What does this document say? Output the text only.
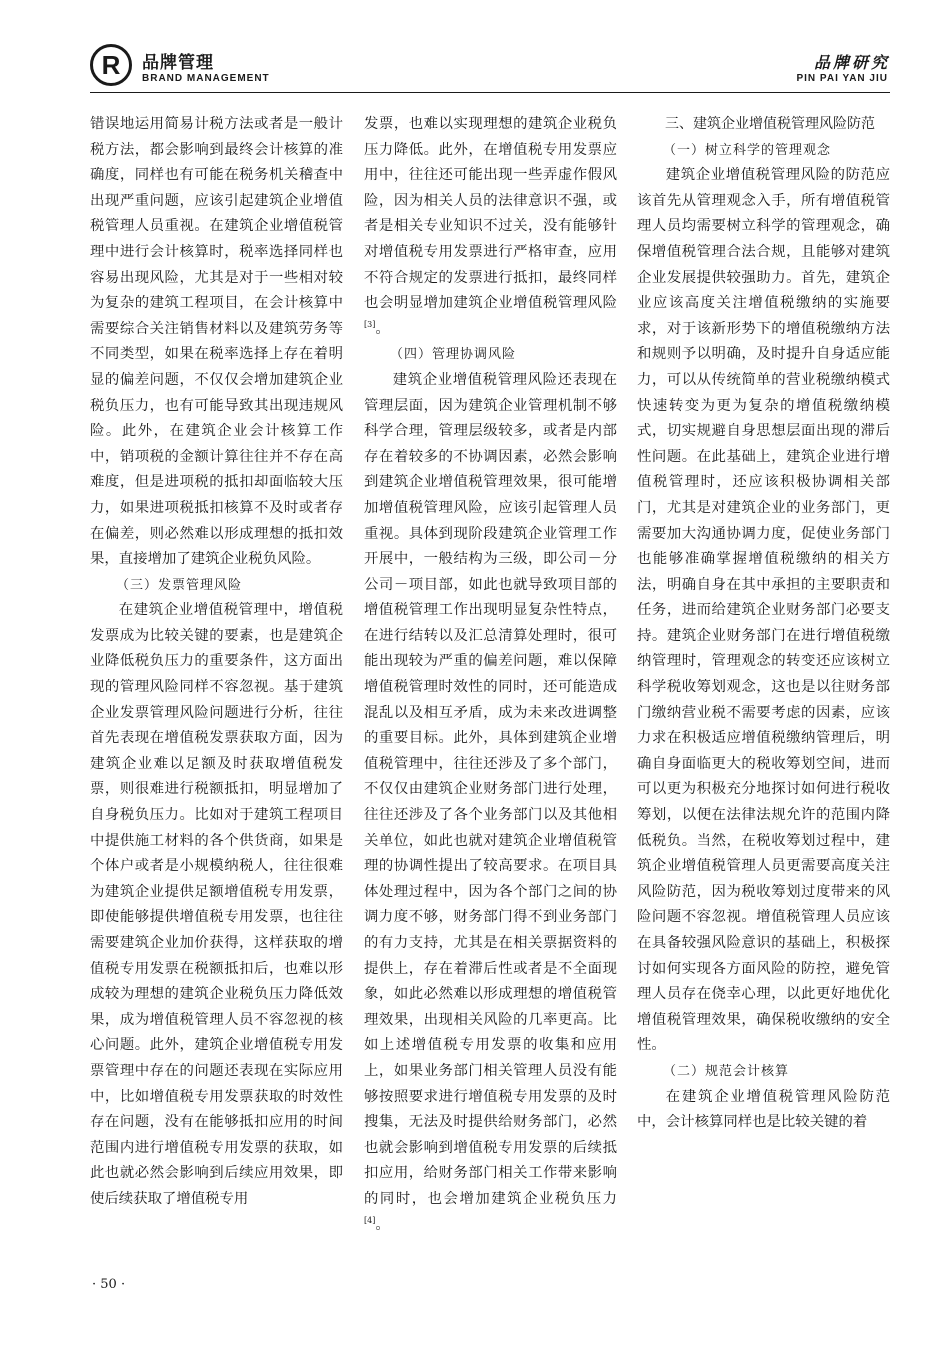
R 品牌管理
BRAND MANAGEMENT
品牌研究
PIN PAI YAN JIU

错误地运用简易计税方法或者是一般计税方法，都会影响到最终会计核算的准确度，同样也有可能在税务机关稽查中出现严重问题，应该引起建筑企业增值税管理人员重视。在建筑企业增值税管理中进行会计核算时，税率选择同样也容易出现风险，尤其是对于一些相对较为复杂的建筑工程项目，在会计核算中需要综合关注销售材料以及建筑劳务等不同类型，如果在税率选择上存在着明显的偏差问题，不仅仅会增加建筑企业税负压力，也有可能导致其出现违规风险。此外，在建筑企业会计核算工作中，销项税的金额计算往往并不存在高难度，但是进项税的抵扣却面临较大压力，如果进项税抵扣核算不及时或者存在偏差，则必然难以形成理想的抵扣效果，直接增加了建筑企业税负风险。

（三）发票管理风险

在建筑企业增值税管理中，增值税发票成为比较关键的要素，也是建筑企业降低税负压力的重要条件，这方面出现的管理风险同样不容忽视。基于建筑企业发票管理风险问题进行分析，往往首先表现在增值税发票获取方面，因为建筑企业难以足额及时获取增值税发票，则很难进行税额抵扣，明显增加了自身税负压力。比如对于建筑工程项目中提供施工材料的各个供货商，如果是个体户或者是小规模纳税人，往往很难为建筑企业提供足额增值税专用发票，即使能够提供增值税专用发票，也往往需要建筑企业加价获得，这样获取的增值税专用发票在税额抵扣后，也难以形成较为理想的建筑企业税负压力降低效果，成为增值税管理人员不容忽视的核心问题。此外，建筑企业增值税专用发票管理中存在的问题还表现在实际应用中，比如增值税专用发票获取的时效性存在问题，没有在能够抵扣应用的时间范围内进行增值税专用发票的获取，如此也就必然会影响到后续应用效果，即使后续获取了增值税专用

发票，也难以实现理想的建筑企业税负压力降低。此外，在增值税专用发票应用中，往往还可能出现一些弄虚作假风险，因为相关人员的法律意识不强，或者是相关专业知识不过关，没有能够针对增值税专用发票进行严格审查，应用不符合规定的发票进行抵扣，最终同样也会明显增加建筑企业增值税管理风险[3]。

（四）管理协调风险

建筑企业增值税管理风险还表现在管理层面，因为建筑企业管理机制不够科学合理，管理层级较多，或者是内部存在着较多的不协调因素，必然会影响到建筑企业增值税管理效果，很可能增加增值税管理风险，应该引起管理人员重视。具体到现阶段建筑企业管理工作开展中，一般结构为三级，即公司－分公司－项目部，如此也就导致项目部的增值税管理工作出现明显复杂性特点，在进行结转以及汇总清算处理时，很可能出现较为严重的偏差问题，难以保障增值税管理时效性的同时，还可能造成混乱以及相互矛盾，成为未来改进调整的重要目标。此外，具体到建筑企业增值税管理中，往往还涉及了多个部门，不仅仅由建筑企业财务部门进行处理，往往还涉及了各个业务部门以及其他相关单位，如此也就对建筑企业增值税管理的协调性提出了较高要求。在项目具体处理过程中，因为各个部门之间的协调力度不够，财务部门得不到业务部门的有力支持，尤其是在相关票据资料的提供上，存在着滞后性或者是不全面现象，如此必然难以形成理想的增值税管理效果，出现相关风险的几率更高。比如上述增值税专用发票的收集和应用上，如果业务部门相关管理人员没有能够按照要求进行增值税专用发票的及时搜集，无法及时提供给财务部门，必然也就会影响到增值税专用发票的后续抵扣应用，给财务部门相关工作带来影响的同时，也会增加建筑企业税负压力[4]。

三、建筑企业增值税管理风险防范
（一）树立科学的管理观念

建筑企业增值税管理风险的防范应该首先从管理观念入手，所有增值税管理人员均需要树立科学的管理观念，确保增值税管理合法合规，且能够对建筑企业发展提供较强助力。首先，建筑企业应该高度关注增值税缴纳的实施要求，对于该新形势下的增值税缴纳方法和规则予以明确，及时提升自身适应能力，可以从传统简单的营业税缴纳模式快速转变为更为复杂的增值税缴纳模式，切实规避自身思想层面出现的滞后性问题。在此基础上，建筑企业进行增值税管理时，还应该积极协调相关部门，尤其是对建筑企业的业务部门，更需要加大沟通协调力度，促使业务部门也能够准确掌握增值税缴纳的相关方法，明确自身在其中承担的主要职责和任务，进而给建筑企业财务部门必要支持。建筑企业财务部门在进行增值税缴纳管理时，管理观念的转变还应该树立科学税收筹划观念，这也是以往财务部门缴纳营业税不需要考虑的因素，应该力求在积极适应增值税缴纳管理后，明确自身面临更大的税收筹划空间，进而可以更为积极充分地探讨如何进行税收筹划，以便在法律法规允许的范围内降低税负。当然，在税收筹划过程中，建筑企业增值税管理人员更需要高度关注风险防范，因为税收筹划过度带来的风险问题不容忽视。增值税管理人员应该在具备较强风险意识的基础上，积极探讨如何实现各方面风险的防控，避免管理人员存在侥幸心理，以此更好地优化增值税管理效果，确保税收缴纳的安全性。

（二）规范会计核算

在建筑企业增值税管理风险防范中，会计核算同样也是比较关键的着

· 50 ·
